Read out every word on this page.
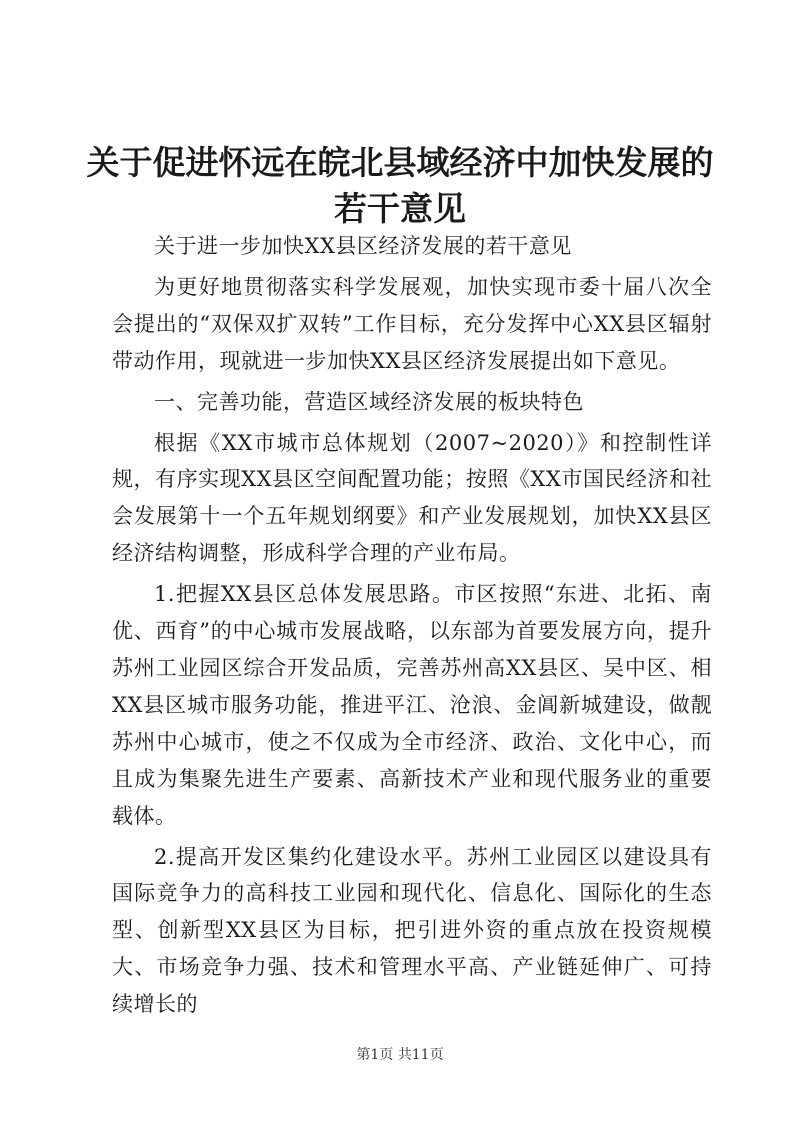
关于促进怀远在皖北县域经济中加快发展的若干意见

关于进一步加快XX县区经济发展的若干意见

为更好地贯彻落实科学发展观，加快实现市委十届八次全会提出的“双保双扩双转”工作目标，充分发挥中心XX县区辐射带动作用，现就进一步加快XX县区经济发展提出如下意见。

一、完善功能，营造区域经济发展的板块特色

根据《XX市城市总体规划（2007~2020）》和控制性详规，有序实现XX县区空间配置功能；按照《XX市国民经济和社会发展第十一个五年规划纲要》和产业发展规划，加快XX县区经济结构调整，形成科学合理的产业布局。

1.把握XX县区总体发展思路。市区按照“东进、北拓、南优、西育”的中心城市发展战略，以东部为首要发展方向，提升苏州工业园区综合开发品质，完善苏州高XX县区、吴中区、相XX县区城市服务功能，推进平江、沧浪、金阊新城建设，做靓苏州中心城市，使之不仅成为全市经济、政治、文化中心，而且成为集聚先进生产要素、高新技术产业和现代服务业的重要载体。

2.提高开发区集约化建设水平。苏州工业园区以建设具有国际竞争力的高科技工业园和现代化、信息化、国际化的生态型、创新型XX县区为目标，把引进外资的重点放在投资规模大、市场竞争力强、技术和管理水平高、产业链延伸广、可持续增长的

第1页 共11页
